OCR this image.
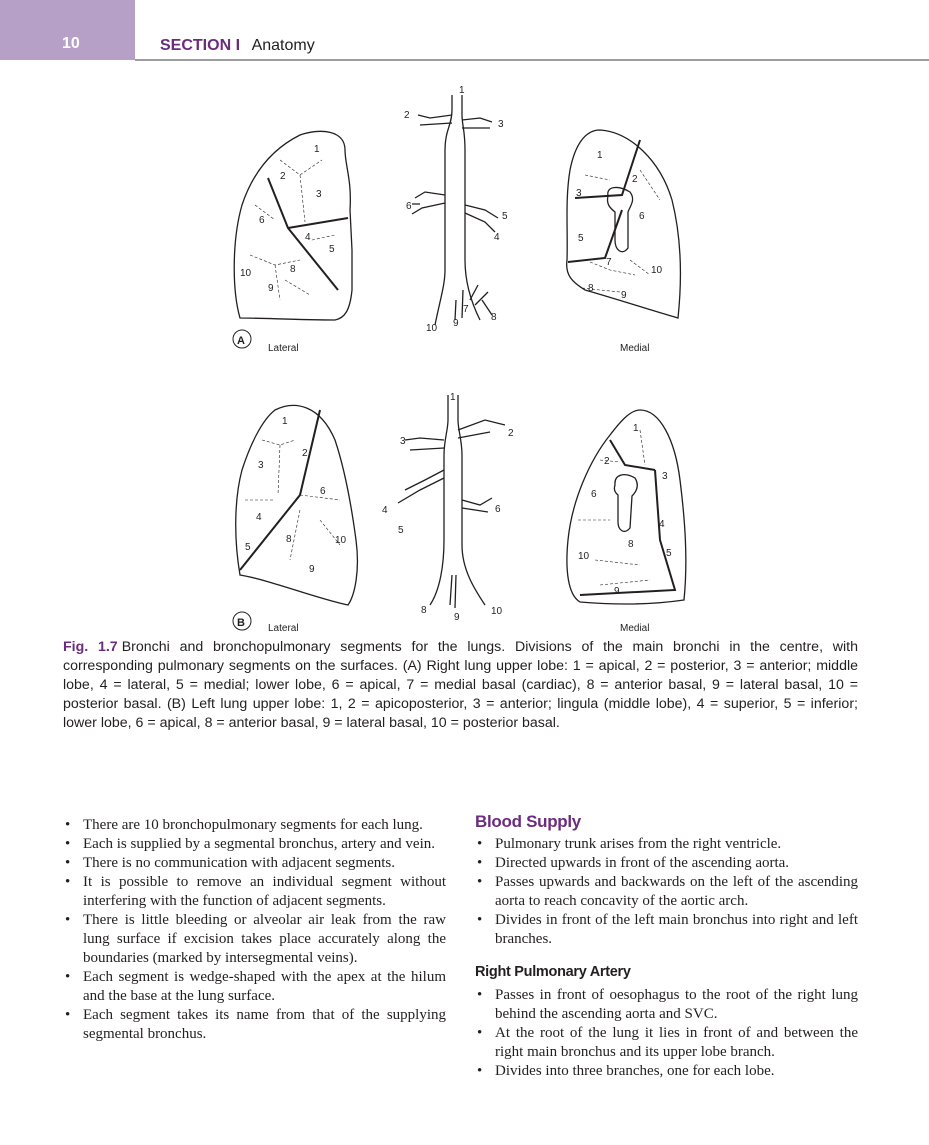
10	SECTION I Anatomy
1
2
3
6
4
5
10	8
9
1
2
3
6
5
4
7
8
9
10
1
2
3
6
5
7
10
8
9
1
2
3
6
4
5
8	10
9
1
3
2
4
5
6
8
9
10
1
2
3
6
4
8
10	5
9
A
Lateral	Medial
B Lateral	Medial
Fig. 1.7 Bronchi and bronchopulmonary segments for the lungs. Divisions of the main bronchi in the centre, with corresponding pulmonary segments on the surfaces. (A) Right lung upper lobe: 1 = apical, 2 = posterior, 3 = anterior; middle lobe, 4 = lateral, 5 = medial; lower lobe, 6 = apical, 7 = medial basal (cardiac), 8 = anterior basal, 9 = lateral basal, 10 = posterior basal. (B) Left lung upper lobe: 1, 2 = apicoposterior, 3 = anterior; lingula (middle lobe), 4 = superior, 5 = inferior; lower lobe, 6 = apical, 8 = anterior basal, 9 = lateral basal, 10 = posterior basal.
• There are 10 bronchopulmonary segments for each lung.
• Each is supplied by a segmental bronchus, artery and vein.
• There is no communication with adjacent segments.
• It is possible to remove an individual segment without interfering with the function of adjacent segments.
• There is little bleeding or alveolar air leak from the raw lung surface if excision takes place accurately along the boundaries (marked by intersegmental veins).
• Each segment is wedge-shaped with the apex at the hilum and the base at the lung surface.
• Each segment takes its name from that of the supplying segmental bronchus.
Blood Supply
• Pulmonary trunk arises from the right ventricle.
• Directed upwards in front of the ascending aorta.
• Passes upwards and backwards on the left of the ascending aorta to reach concavity of the aortic arch.
• Divides in front of the left main bronchus into right and left branches.
Right Pulmonary Artery
• Passes in front of oesophagus to the root of the right lung behind the ascending aorta and SVC.
• At the root of the lung it lies in front of and between the right main bronchus and its upper lobe branch.
• Divides into three branches, one for each lobe.
